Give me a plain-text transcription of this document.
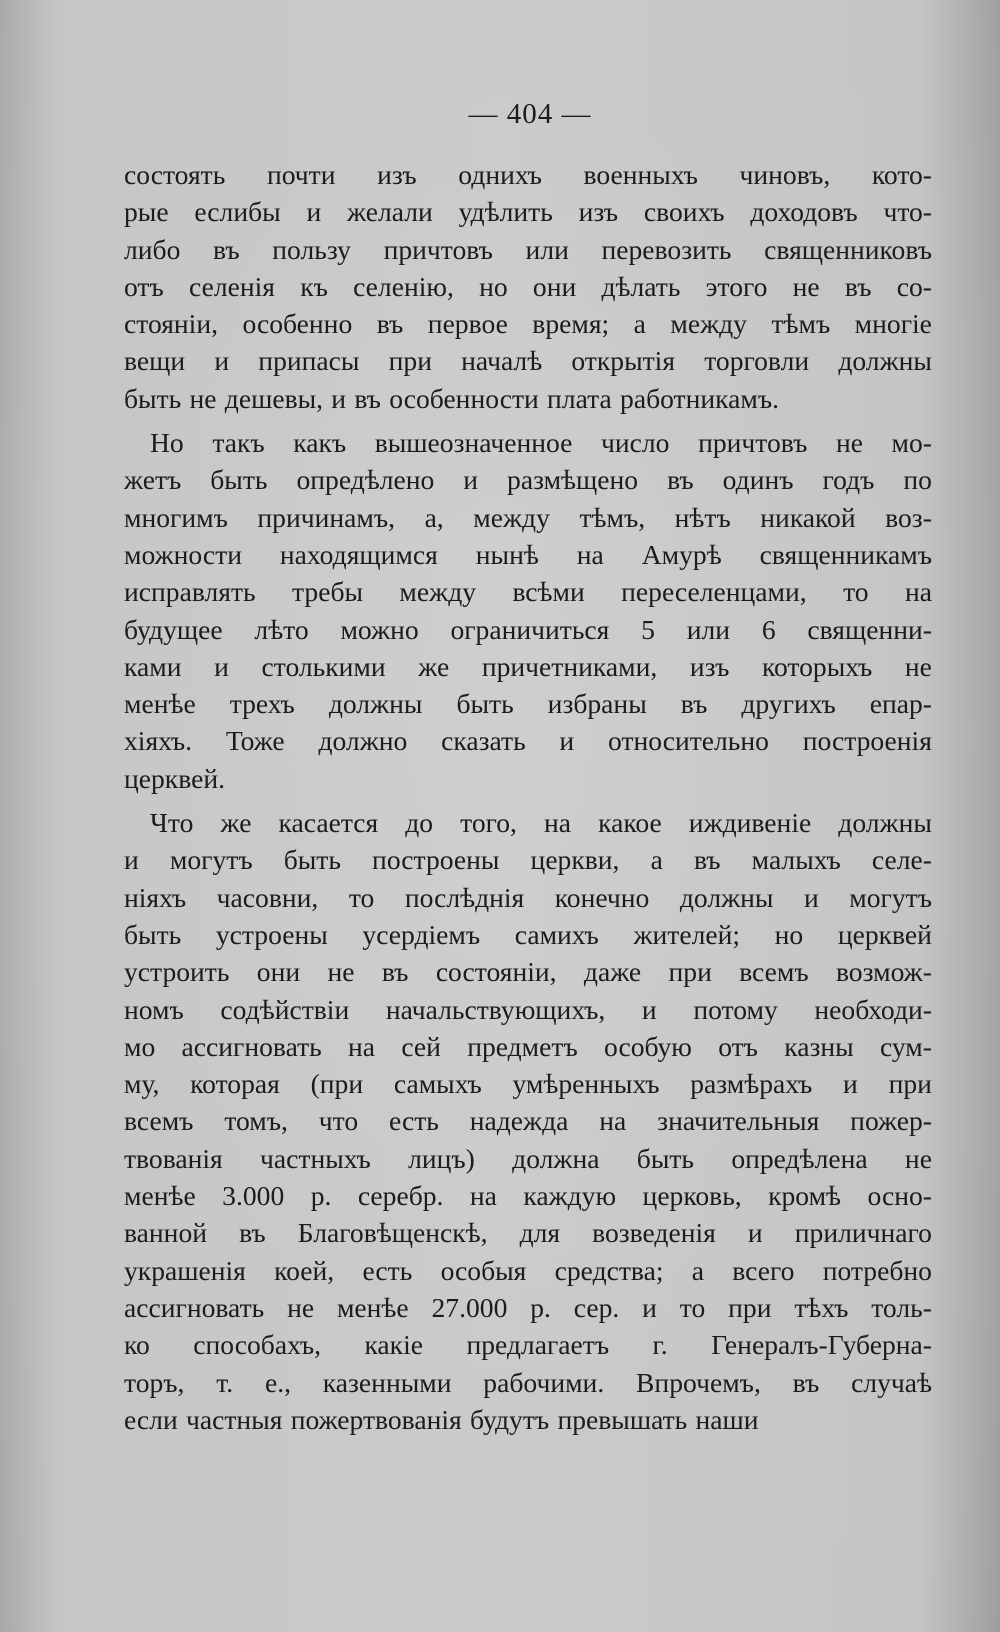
— 404 —
состоять почти изъ однихъ военныхъ чиновъ, кото-
рые еслибы и желали удѣлить изъ своихъ доходовъ что-
либо въ пользу причтовъ или перевозить священниковъ
отъ селенія къ селенію, но они дѣлать этого не въ со-
стояніи, особенно въ первое время; а между тѣмъ многіе
вещи и припасы при началѣ открытія торговли должны
быть не дешевы, и въ особенности плата работникамъ.
Но такъ какъ вышеозначенное число причтовъ не мо-
жетъ быть опредѣлено и размѣщено въ одинъ годъ по
многимъ причинамъ, а, между тѣмъ, нѣтъ никакой воз-
можности находящимся нынѣ на Амурѣ священникамъ
исправлять требы между всѣми переселенцами, то на
будущее лѣто можно ограничиться 5 или 6 священни-
ками и столькими же причетниками, изъ которыхъ не
менѣе трехъ должны быть избраны въ другихъ епар-
хіяхъ. Тоже должно сказать и относительно построенія
церквей.
Что же касается до того, на какое иждивеніе должны
и могутъ быть построены церкви, а въ малыхъ селе-
ніяхъ часовни, то послѣднія конечно должны и могутъ
быть устроены усердіемъ самихъ жителей; но церквей
устроить они не въ состояніи, даже при всемъ возмож-
номъ содѣйствіи начальствующихъ, и потому необходи-
мо ассигновать на сей предметъ особую отъ казны сум-
му, которая (при самыхъ умѣренныхъ размѣрахъ и при
всемъ томъ, что есть надежда на значительныя пожер-
твованія частныхъ лицъ) должна быть опредѣлена не
менѣе 3.000 р. серебр. на каждую церковь, кромѣ осно-
ванной въ Благовѣщенскѣ, для возведенія и приличнаго
украшенія коей, есть особыя средства; а всего потребно
ассигновать не менѣе 27.000 р. сер. и то при тѣхъ толь-
ко способахъ, какіе предлагаетъ г. Генералъ-Губерна-
торъ, т. е., казенными рабочими. Впрочемъ, въ случаѣ
если частныя пожертвованія будутъ превышать наши
